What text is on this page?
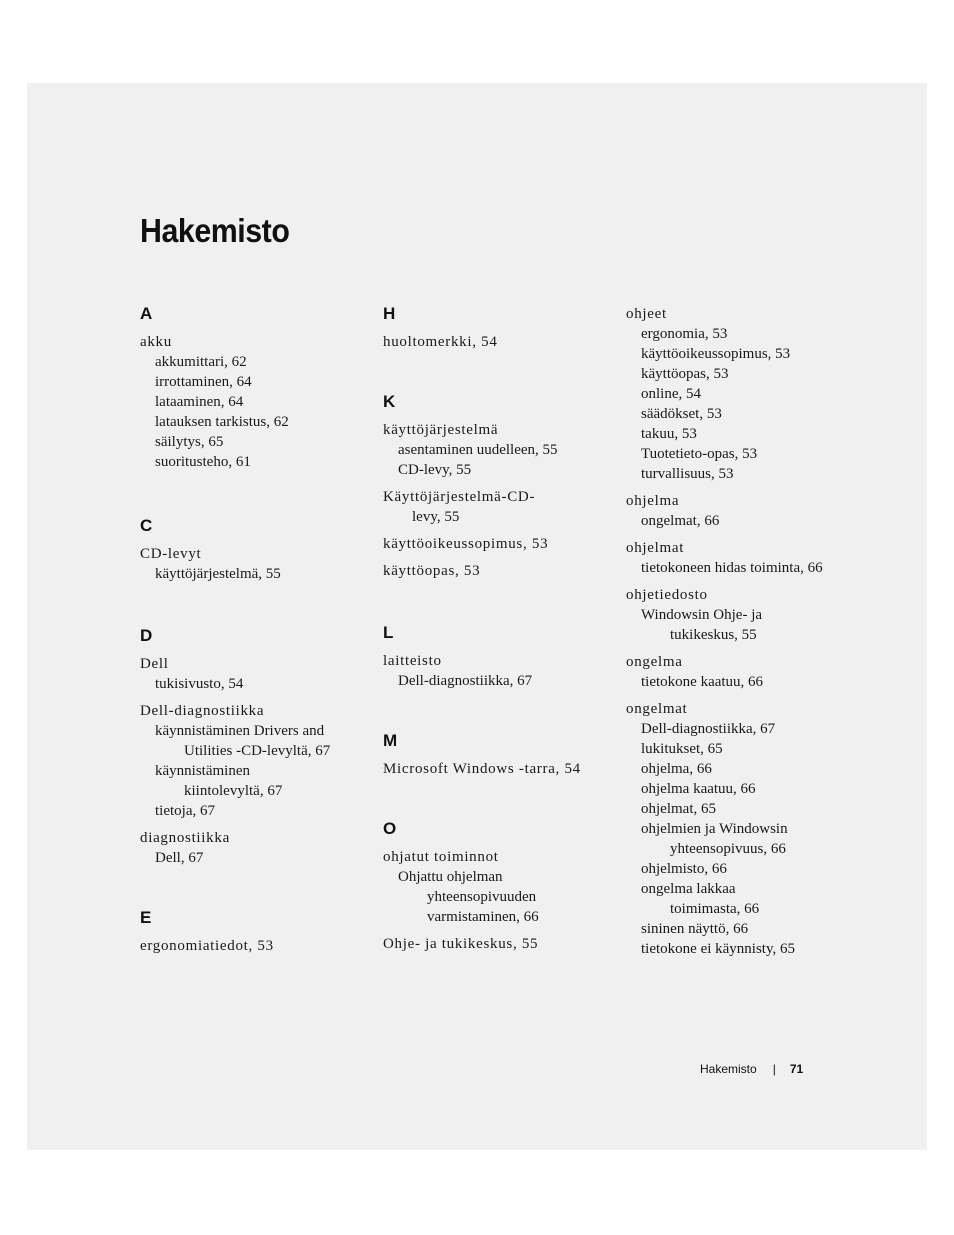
Hakemisto
A
akku
akkumittari, 62
irrottaminen, 64
lataaminen, 64
latauksen tarkistus, 62
säilytys, 65
suoritusteho, 61
C
CD-levyt
käyttöjärjestelmä, 55
D
Dell
tukisivusto, 54
Dell-diagnostiikka
käynnistäminen Drivers and
Utilities -CD-levyltä, 67
käynnistäminen
kiintolevyltä, 67
tietoja, 67
diagnostiikka
Dell, 67
E
ergonomiatiedot, 53
H
huoltomerkki, 54
K
käyttöjärjestelmä
asentaminen uudelleen, 55
CD-levy, 55
Käyttöjärjestelmä-CD-
levy, 55
käyttöoikeussopimus, 53
käyttöopas, 53
L
laitteisto
Dell-diagnostiikka, 67
M
Microsoft Windows -tarra, 54
O
ohjatut toiminnot
Ohjattu ohjelman
yhteensopivuuden
varmistaminen, 66
Ohje- ja tukikeskus, 55
ohjeet
ergonomia, 53
käyttöoikeussopimus, 53
käyttöopas, 53
online, 54
säädökset, 53
takuu, 53
Tuotetieto-opas, 53
turvallisuus, 53
ohjelma
ongelmat, 66
ohjelmat
tietokoneen hidas toiminta, 66
ohjetiedosto
Windowsin Ohje- ja
tukikeskus, 55
ongelma
tietokone kaatuu, 66
ongelmat
Dell-diagnostiikka, 67
lukitukset, 65
ohjelma, 66
ohjelma kaatuu, 66
ohjelmat, 65
ohjelmien ja Windowsin
yhteensopivuus, 66
ohjelmisto, 66
ongelma lakkaa
toimimasta, 66
sininen näyttö, 66
tietokone ei käynnisty, 65
Hakemisto | 71
